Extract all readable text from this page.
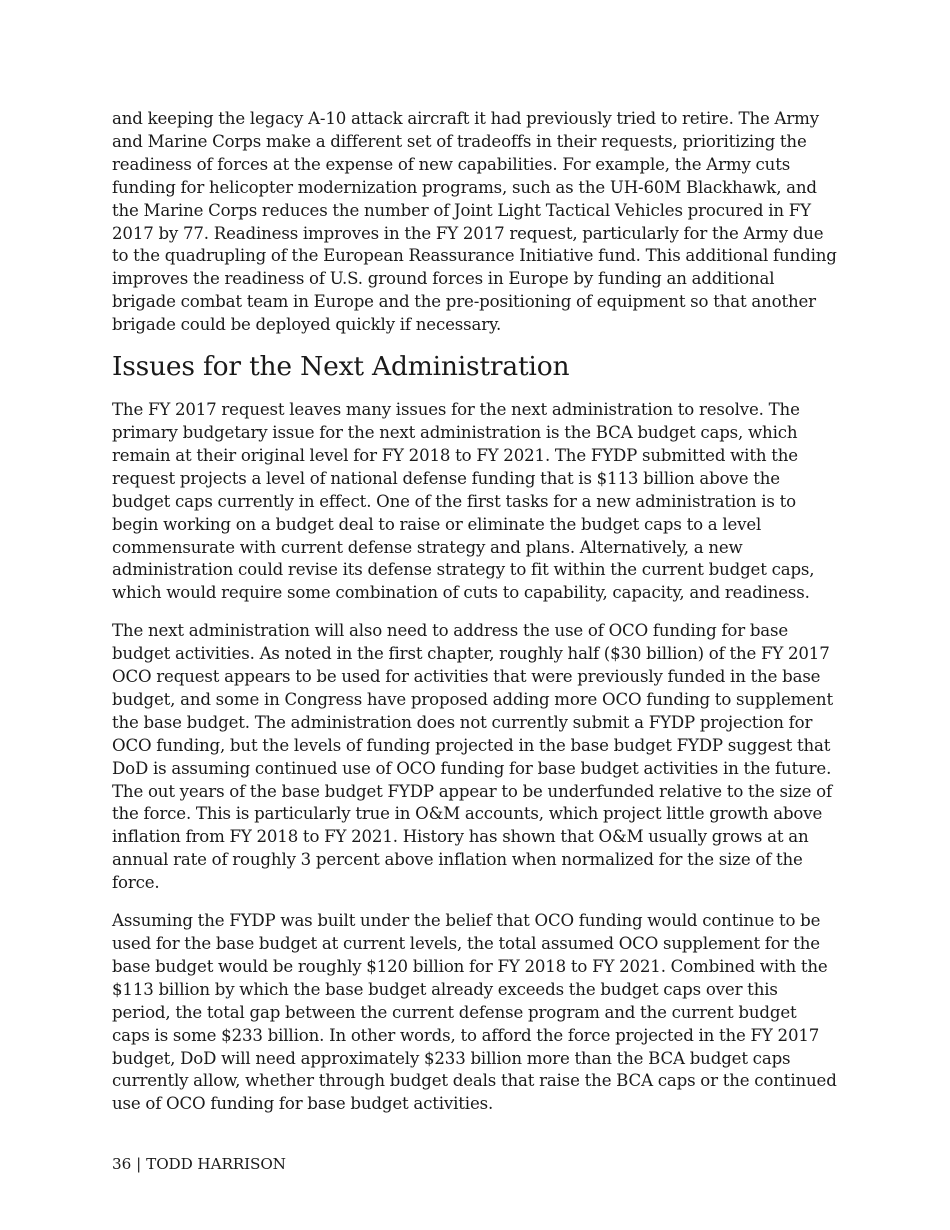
and keeping the legacy A-10 attack aircraft it had previously tried to retire. The Army and Marine Corps make a different set of tradeoffs in their requests, prioritizing the readiness of forces at the expense of new capabilities. For example, the Army cuts funding for helicopter modernization programs, such as the UH-60M Blackhawk, and the Marine Corps reduces the number of Joint Light Tactical Vehicles procured in FY 2017 by 77. Readiness improves in the FY 2017 request, particularly for the Army due to the quadrupling of the European Reassurance Initiative fund. This additional funding improves the readiness of U.S. ground forces in Europe by funding an additional brigade combat team in Europe and the pre-positioning of equipment so that another brigade could be deployed quickly if necessary.

Issues for the Next Administration

The FY 2017 request leaves many issues for the next administration to resolve. The primary budgetary issue for the next administration is the BCA budget caps, which remain at their original level for FY 2018 to FY 2021. The FYDP submitted with the request projects a level of national defense funding that is $113 billion above the budget caps currently in effect. One of the first tasks for a new administration is to begin working on a budget deal to raise or eliminate the budget caps to a level commensurate with current defense strategy and plans. Alternatively, a new administration could revise its defense strategy to fit within the current budget caps, which would require some combination of cuts to capability, capacity, and readiness.

The next administration will also need to address the use of OCO funding for base budget activities. As noted in the first chapter, roughly half ($30 billion) of the FY 2017 OCO request appears to be used for activities that were previously funded in the base budget, and some in Congress have proposed adding more OCO funding to supplement the base budget. The administration does not currently submit a FYDP projection for OCO funding, but the levels of funding projected in the base budget FYDP suggest that DoD is assuming continued use of OCO funding for base budget activities in the future. The out years of the base budget FYDP appear to be underfunded relative to the size of the force. This is particularly true in O&M accounts, which project little growth above inflation from FY 2018 to FY 2021. History has shown that O&M usually grows at an annual rate of roughly 3 percent above inflation when normalized for the size of the force.

Assuming the FYDP was built under the belief that OCO funding would continue to be used for the base budget at current levels, the total assumed OCO supplement for the base budget would be roughly $120 billion for FY 2018 to FY 2021. Combined with the $113 billion by which the base budget already exceeds the budget caps over this period, the total gap between the current defense program and the current budget caps is some $233 billion. In other words, to afford the force projected in the FY 2017 budget, DoD will need approximately $233 billion more than the BCA budget caps currently allow, whether through budget deals that raise the BCA caps or the continued use of OCO funding for base budget activities.

36 | TODD HARRISON
